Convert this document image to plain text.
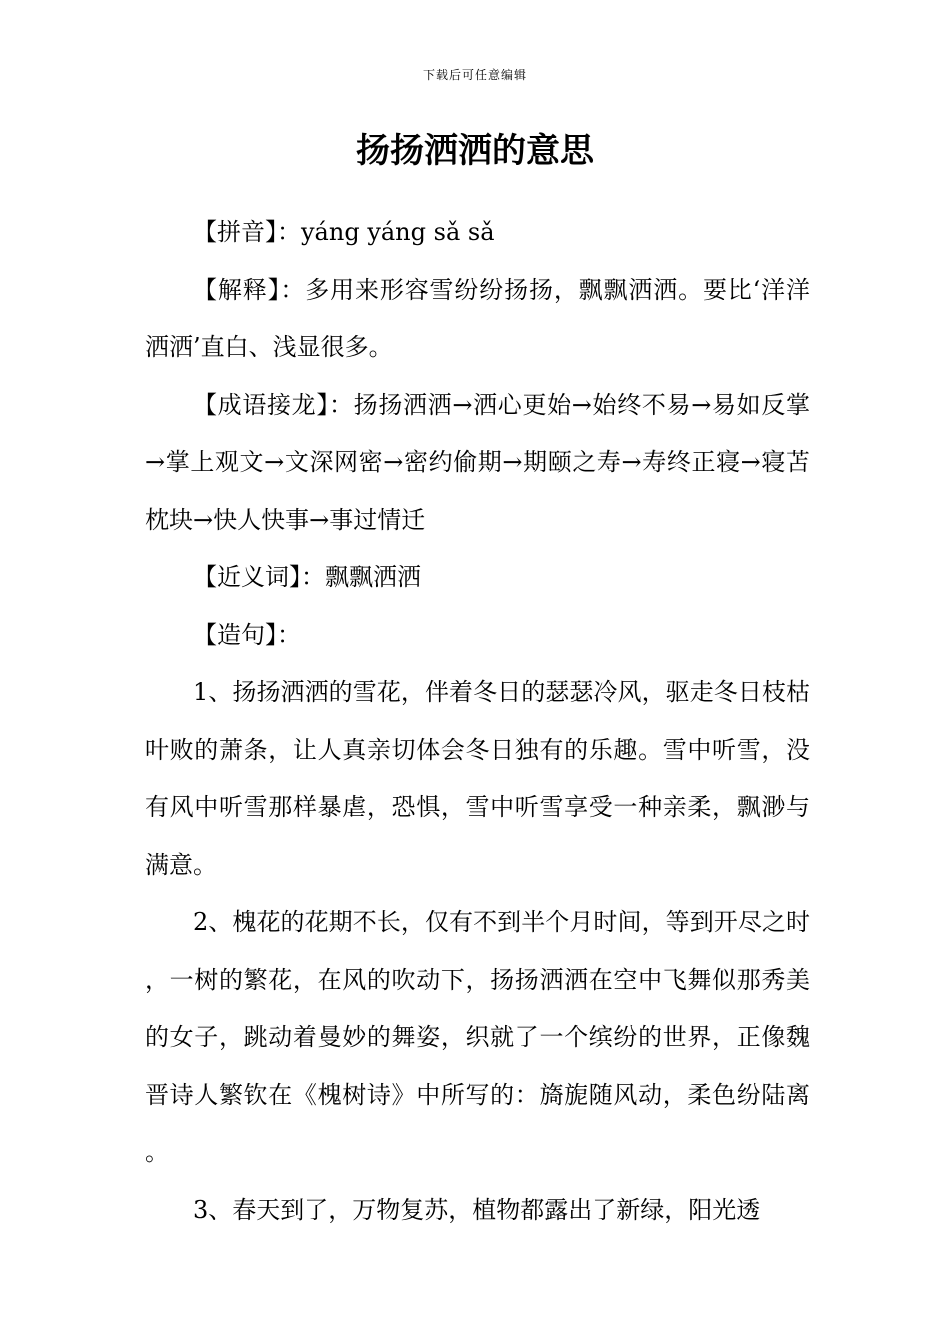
下载后可任意编辑
扬扬洒洒的意思

【拼音】：yáng yáng sǎ sǎ

【解释】：多用来形容雪纷纷扬扬，飘飘洒洒。要比‘洋洋洒洒’直白、浅显很多。

【成语接龙】：扬扬洒洒→洒心更始→始终不易→易如反掌→掌上观文→文深网密→密约偷期→期颐之寿→寿终正寝→寝苫枕块→快人快事→事过情迁

【近义词】：飘飘洒洒

【造句】：

1、扬扬洒洒的雪花，伴着冬日的瑟瑟冷风，驱走冬日枝枯叶败的萧条，让人真亲切体会冬日独有的乐趣。雪中听雪，没有风中听雪那样暴虐，恐惧，雪中听雪享受一种亲柔，飘渺与满意。

2、槐花的花期不长，仅有不到半个月时间，等到开尽之时，一树的繁花，在风的吹动下，扬扬洒洒在空中飞舞似那秀美的女子，跳动着曼妙的舞姿，织就了一个缤纷的世界，正像魏晋诗人繁钦在《槐树诗》中所写的：旖旎随风动，柔色纷陆离。

3、春天到了，万物复苏，植物都露出了新绿，阳光透
